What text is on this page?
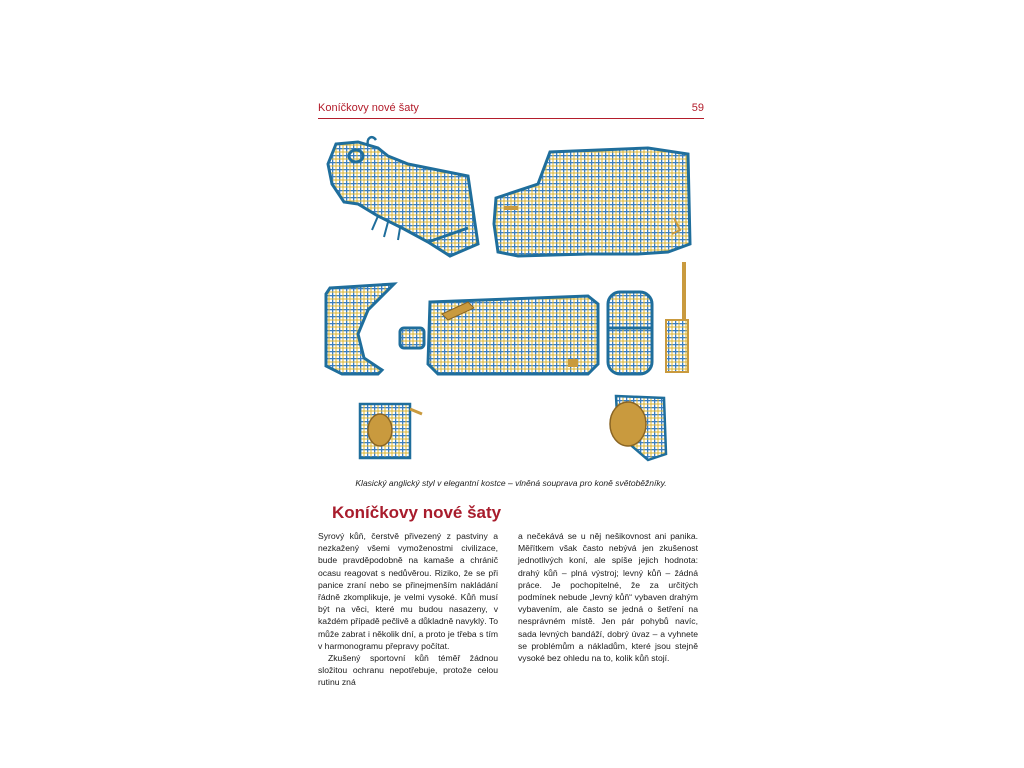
Koníčkovy nové šaty	59
Klasický anglický styl v elegantní kostce – vlněná souprava pro koně světoběžníky.
Koníčkovy nové šaty

Syrový kůň, čerstvě přivezený z pastviny a nezkažený všemi vymoženostmi civilizace, bude pravděpodobně na kamaše a chránič ocasu reagovat s nedůvěrou. Riziko, že se při panice zraní nebo se přinejmenším nakládání řádně zkomplikuje, je velmi vysoké. Kůň musí být na věci, které mu budou nasazeny, v každém případě pečlivě a důkladně navyklý. To může zabrat i několik dní, a proto je třeba s tím v harmonogramu přepravy počítat.

Zkušený sportovní kůň téměř žádnou složitou ochranu nepotřebuje, protože celou rutinu zná

a nečekává se u něj nešikovnost ani panika. Měřítkem však často nebývá jen zkušenost jednotlivých koní, ale spíše jejich hodnota: drahý kůň – plná výstroj; levný kůň – žádná práce. Je pochopitelné, že za určitých podmínek nebude „levný kůň“ vybaven drahým vybavením, ale často se jedná o šetření na nesprávném místě. Jen pár pohybů navíc, sada levných bandáží, dobrý úvaz – a vyhnete se problémům a nákladům, které jsou stejně vysoké bez ohledu na to, kolik kůň stojí.
